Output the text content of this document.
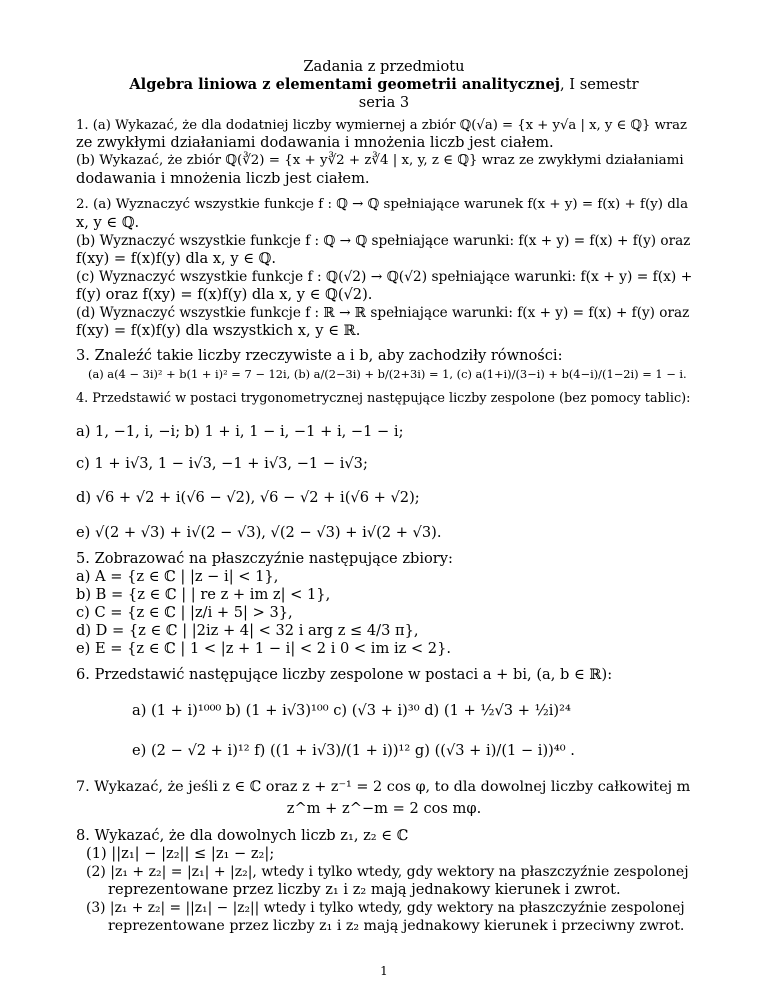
Zadania z przedmiotu
Algebra liniowa z elementami geometrii analitycznej, I semestr
seria 3
1. (a) Wykazać, że dla dodatniej liczby wymiernej a zbiór ℚ(√a) = {x + y√a | x, y ∈ ℚ} wraz
ze zwykłymi działaniami dodawania i mnożenia liczb jest ciałem.
(b) Wykazać, że zbiór ℚ(∛2) = {x + y∛2 + z∛4 | x, y, z ∈ ℚ} wraz ze zwykłymi działaniami
dodawania i mnożenia liczb jest ciałem.
2. (a) Wyznaczyć wszystkie funkcje f : ℚ → ℚ spełniające warunek f(x + y) = f(x) + f(y) dla
x, y ∈ ℚ.
(b) Wyznaczyć wszystkie funkcje f : ℚ → ℚ spełniające warunki: f(x + y) = f(x) + f(y) oraz
f(xy) = f(x)f(y) dla x, y ∈ ℚ.
(c) Wyznaczyć wszystkie funkcje f : ℚ(√2) → ℚ(√2) spełniające warunki: f(x + y) = f(x) +
f(y) oraz f(xy) = f(x)f(y) dla x, y ∈ ℚ(√2).
(d) Wyznaczyć wszystkie funkcje f : ℝ → ℝ spełniające warunki: f(x + y) = f(x) + f(y) oraz
f(xy) = f(x)f(y) dla wszystkich x, y ∈ ℝ.
3. Znaleźć takie liczby rzeczywiste a i b, aby zachodziły równości:
(a) a(4 − 3i)² + b(1 + i)² = 7 − 12i, (b) a/(2−3i) + b/(2+3i) = 1, (c) a(1+i)/(3−i) + b(4−i)/(1−2i) = 1 − i.
4. Przedstawić w postaci trygonometrycznej następujące liczby zespolone (bez pomocy tablic):
a) 1, −1, i, −i; b) 1 + i, 1 − i, −1 + i, −1 − i;
c) 1 + i√3, 1 − i√3, −1 + i√3, −1 − i√3;
d) √6 + √2 + i(√6 − √2), √6 − √2 + i(√6 + √2);
e) √(2 + √3) + i√(2 − √3), √(2 − √3) + i√(2 + √3).
5. Zobrazować na płaszczyźnie następujące zbiory:
a) A = {z ∈ ℂ | |z − i| < 1},
b) B = {z ∈ ℂ | | re z + im z| < 1},
c) C = {z ∈ ℂ | |z/i + 5| > 3},
d) D = {z ∈ ℂ | |2iz + 4| < 32 i arg z ≤ 4/3 π},
e) E = {z ∈ ℂ | 1 < |z + 1 − i| < 2 i 0 < im iz < 2}.
6. Przedstawić następujące liczby zespolone w postaci a + bi, (a, b ∈ ℝ):
a) (1 + i)¹⁰⁰⁰ b) (1 + i√3)¹⁰⁰ c) (√3 + i)³⁰ d) (1 + ½√3 + ½i)²⁴
e) (2 − √2 + i)¹² f) ((1 + i√3)/(1 + i))¹² g) ((√3 + i)/(1 − i))⁴⁰ .
7. Wykazać, że jeśli z ∈ ℂ oraz z + z⁻¹ = 2 cos φ, to dla dowolnej liczby całkowitej m
z^m + z^−m = 2 cos mφ.
8. Wykazać, że dla dowolnych liczb z₁, z₂ ∈ ℂ
(1) ||z₁| − |z₂|| ≤ |z₁ − z₂|;
(2) |z₁ + z₂| = |z₁| + |z₂|, wtedy i tylko wtedy, gdy wektory na płaszczyźnie zespolonej
reprezentowane przez liczby z₁ i z₂ mają jednakowy kierunek i zwrot.
(3) |z₁ + z₂| = ||z₁| − |z₂|| wtedy i tylko wtedy, gdy wektory na płaszczyźnie zespolonej
reprezentowane przez liczby z₁ i z₂ mają jednakowy kierunek i przeciwny zwrot.
1
